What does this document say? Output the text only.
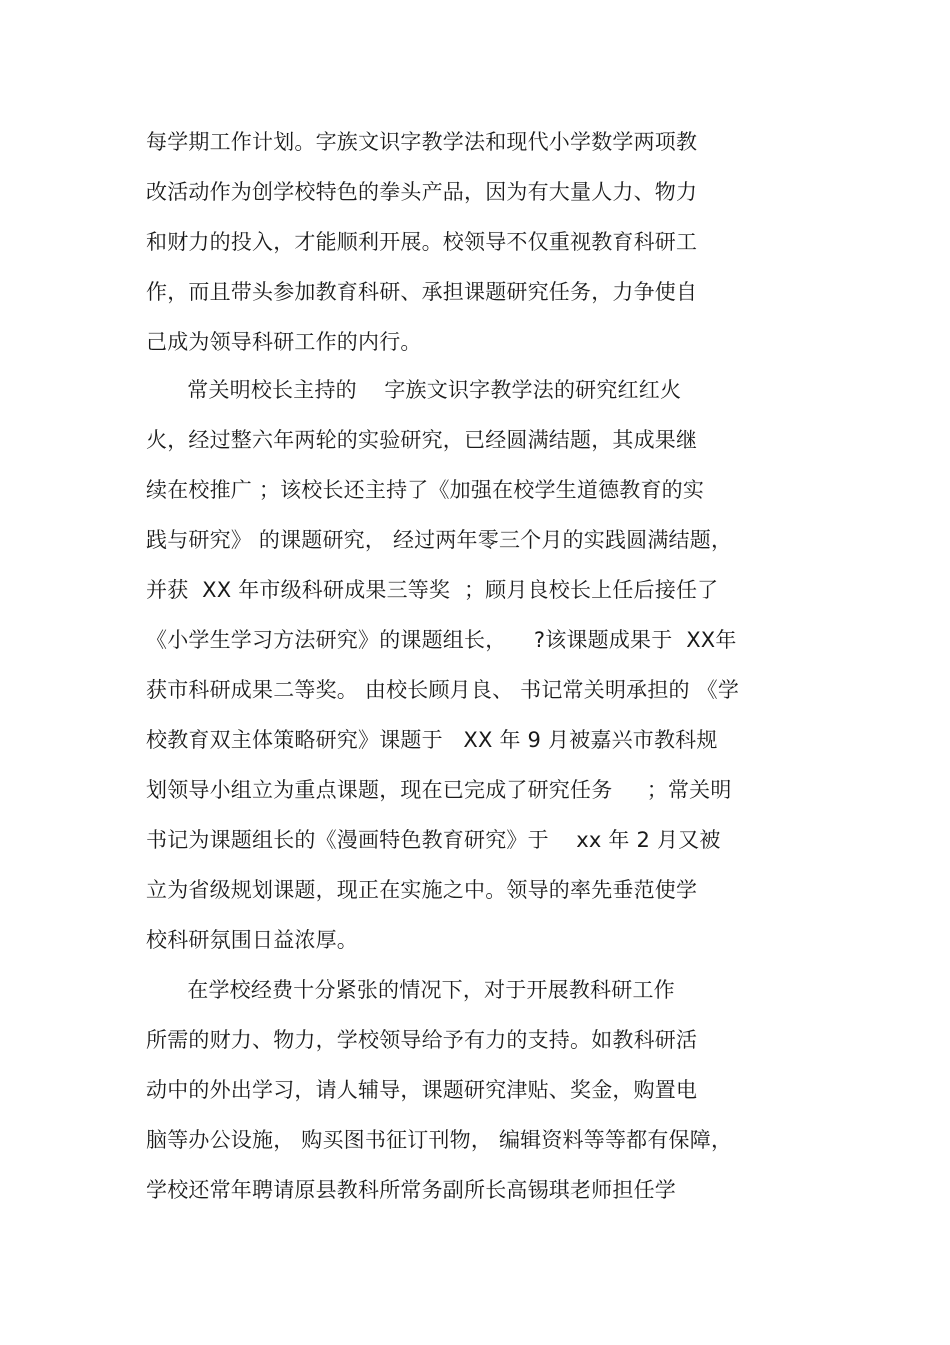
每学期工作计划。字族文识字教学法和现代小学数学两项教

改活动作为创学校特色的拳头产品，因为有大量人力、物力

和财力的投入，才能顺利开展。校领导不仅重视教育科研工

作，而且带头参加教育科研、承担课题研究任务，力争使自

己成为领导科研工作的内行。

常关明校长主持的    字族文识字教学法的研究红红火

火，经过整六年两轮的实验研究，已经圆满结题，其成果继

续在校推广 ；该校长还主持了《加强在校学生道德教育的实

践与研究》 的课题研究， 经过两年零三个月的实践圆满结题，

并获  XX 年市级科研成果三等奖  ；顾月良校长上任后接任了

《小学生学习方法研究》的课题组长，    ?该课题成果于  XX年

获市科研成果二等奖。 由校长顾月良、 书记常关明承担的 《学

校教育双主体策略研究》课题于   XX 年 9 月被嘉兴市教科规

划领导小组立为重点课题，现在已完成了研究任务     ；常关明

书记为课题组长的《漫画特色教育研究》于    xx 年 2 月又被

立为省级规划课题，现正在实施之中。领导的率先垂范使学

校科研氛围日益浓厚。

在学校经费十分紧张的情况下，对于开展教科研工作

所需的财力、物力，学校领导给予有力的支持。如教科研活

动中的外出学习，请人辅导，课题研究津贴、奖金，购置电

脑等办公设施， 购买图书征订刊物， 编辑资料等等都有保障，

学校还常年聘请原县教科所常务副所长高锡琪老师担任学
